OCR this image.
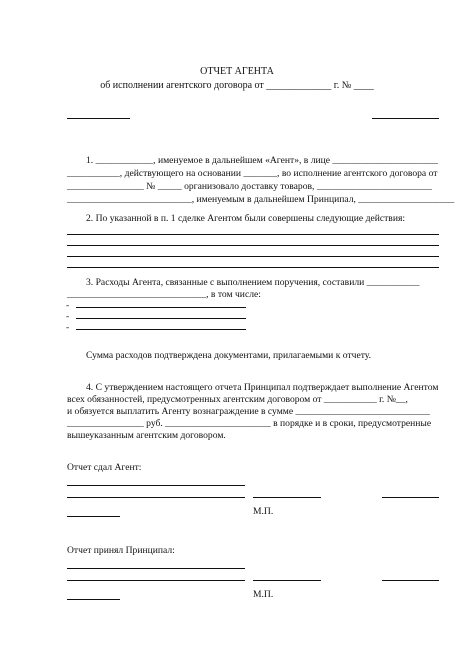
ОТЧЕТ АГЕНТА
об исполнении агентского договора от _____________ г. № ____
1. ____________, именуемое в дальнейшем «Агент», в лице ______________________
___________, действующего на основании _______, во исполнение агентского договора от
________________ № _____ организовало доставку товаров, ________________________
__________________________, именуемым в дальнейшем Принципал, ____________________
2. По указанной в п. 1 сделке Агентом были совершены следующие действия:
3. Расходы Агента, связанные с выполнением поручения, составили ___________
_____________________________, в том числе:
-
-
-
Сумма расходов подтверждена документами, прилагаемыми к отчету.
4. С утверждением настоящего отчета Принципал подтверждает выполнение Агентом
всех обязанностей, предусмотренных агентским договором от ___________ г. №__,
и обязуется выплатить Агенту вознаграждение в сумме ____________________________
________________ руб. ______________________ в порядке и в сроки, предусмотренные
вышеуказанным агентским договором.
Отчет сдал Агент:
М.П.
Отчет принял Принципал:
М.П.
